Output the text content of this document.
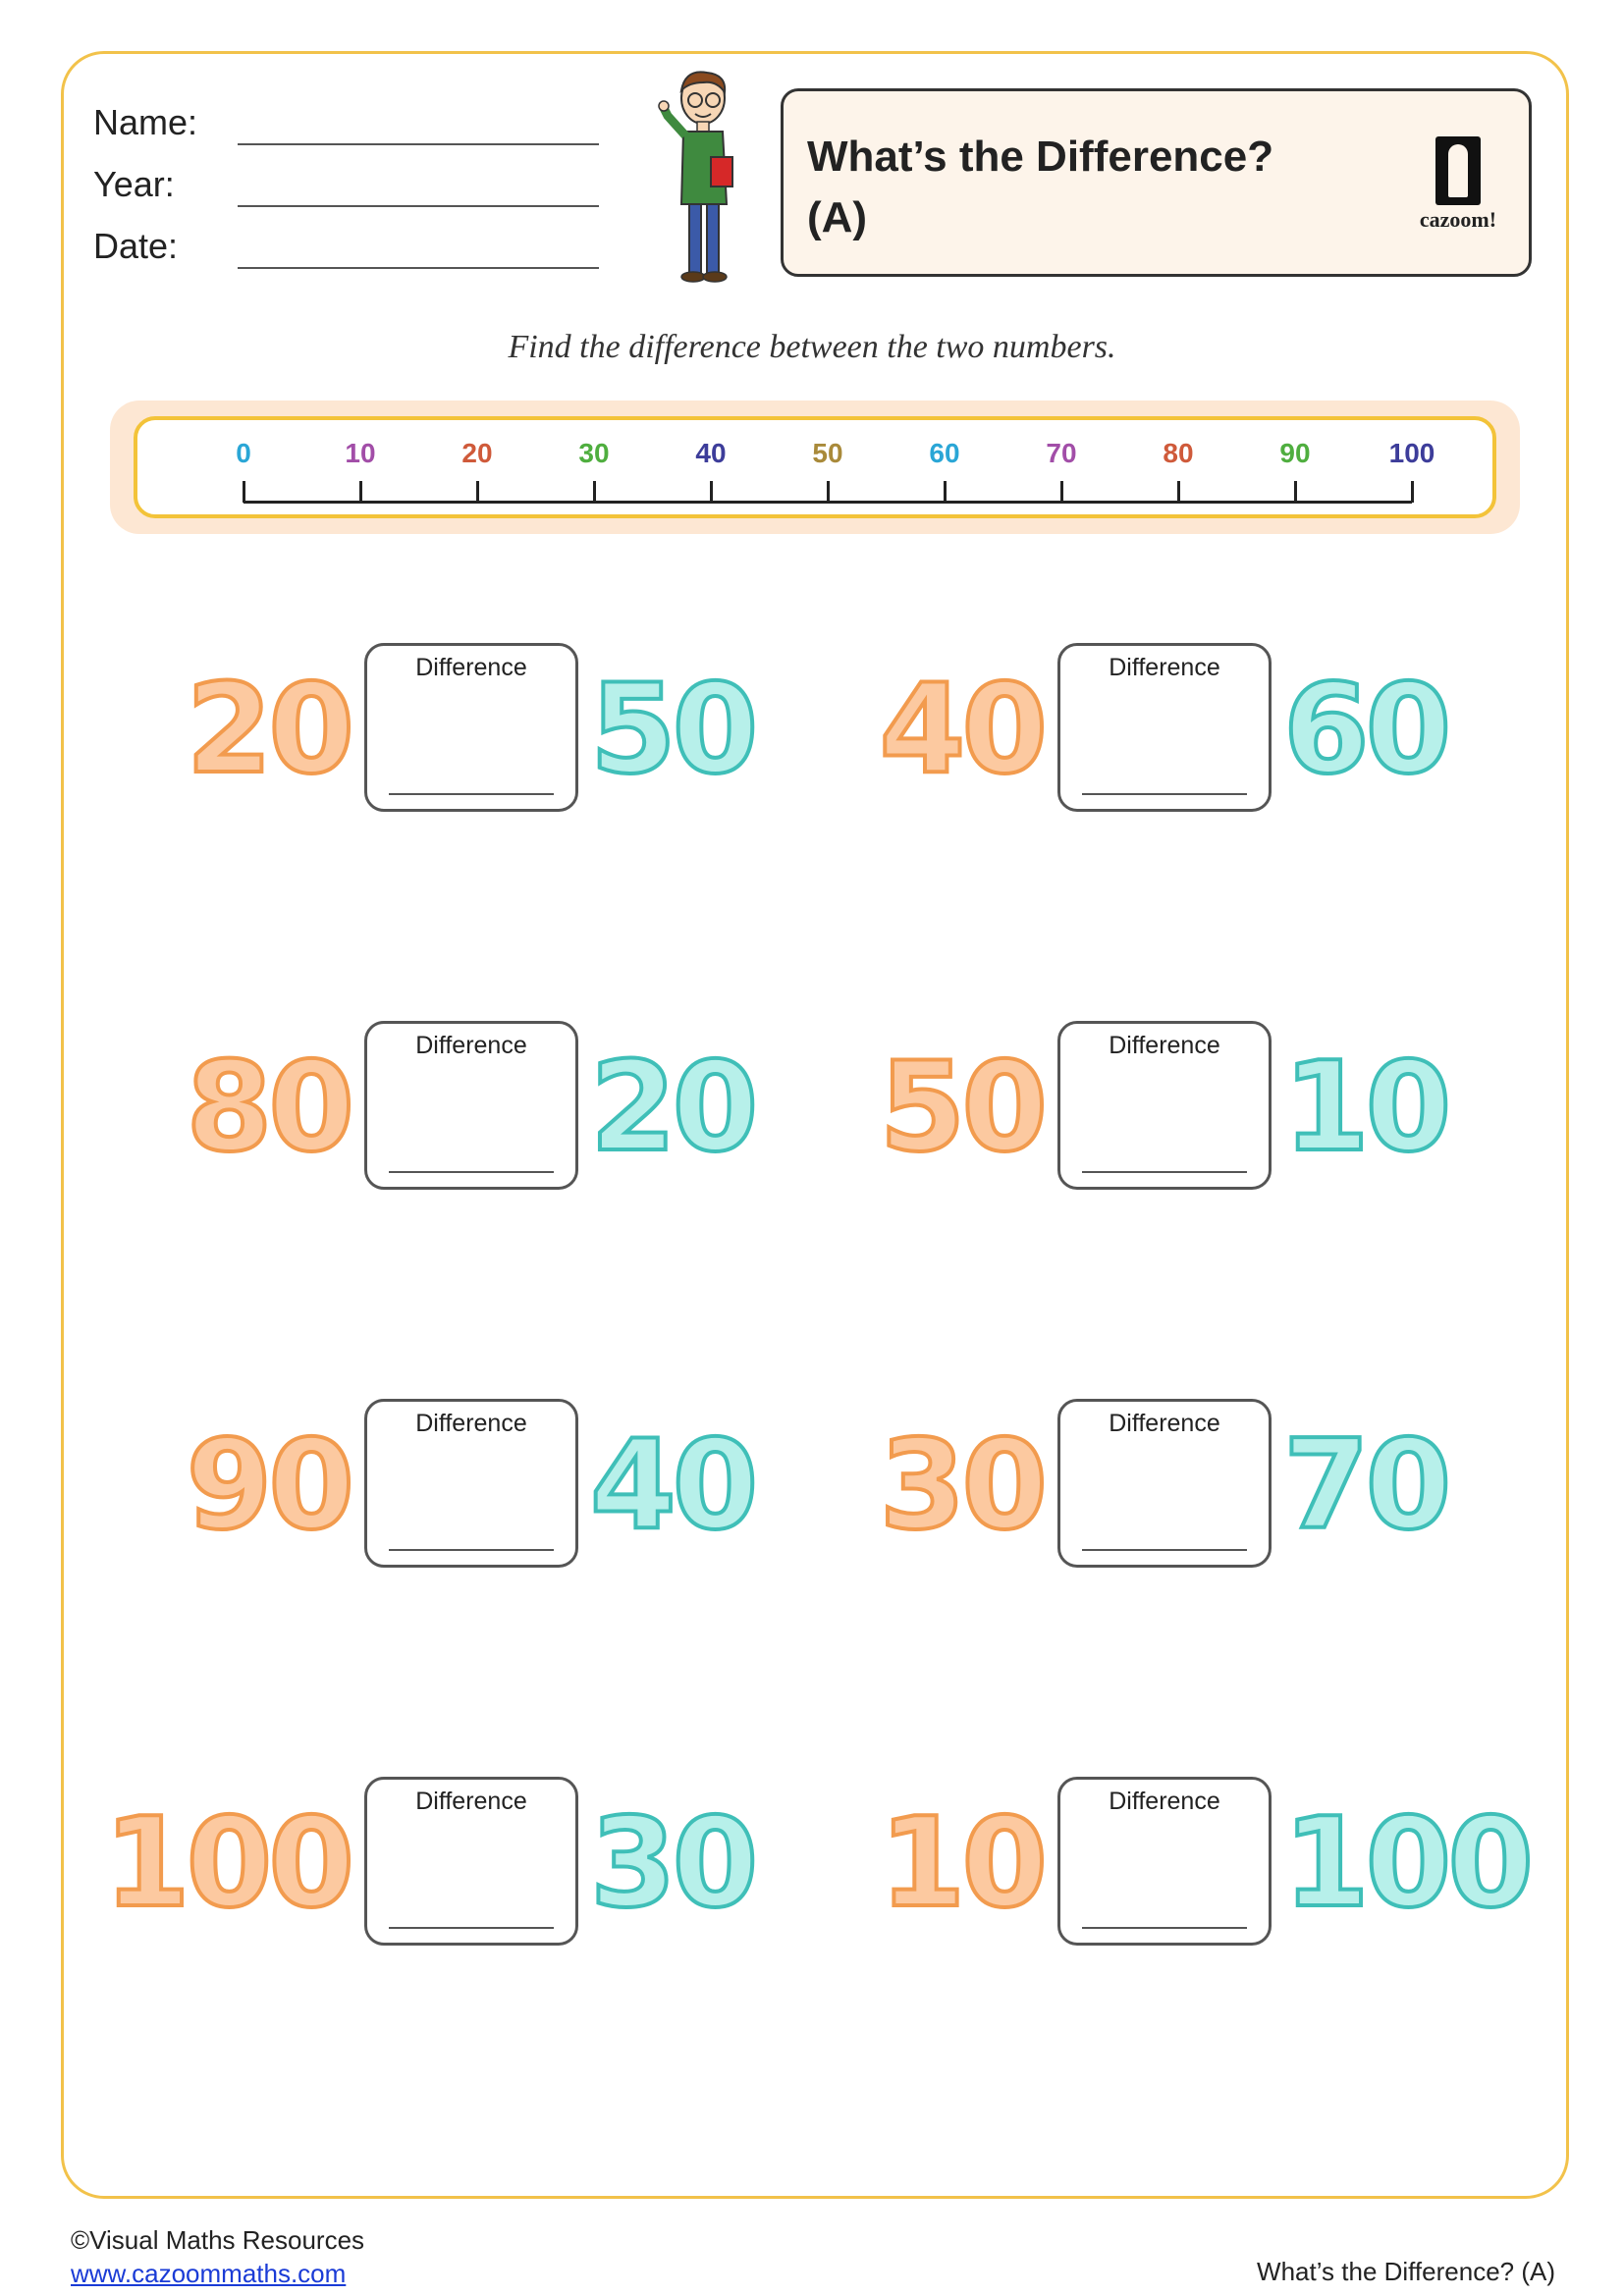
Name:
Year:
Date:
What’s the Difference?
(A)	cazoom!
Find the difference between the two numbers.
0	10	20	30	40	50	60	70	80	90	100
©Visual Maths Resources
www.cazoommaths.com	What’s the Difference? (A)
20	Difference 50 40	Difference 60
80	Difference 20 50	Difference 10
90	Difference 40 30	Difference 70
100	Difference 30 10	Difference 100
